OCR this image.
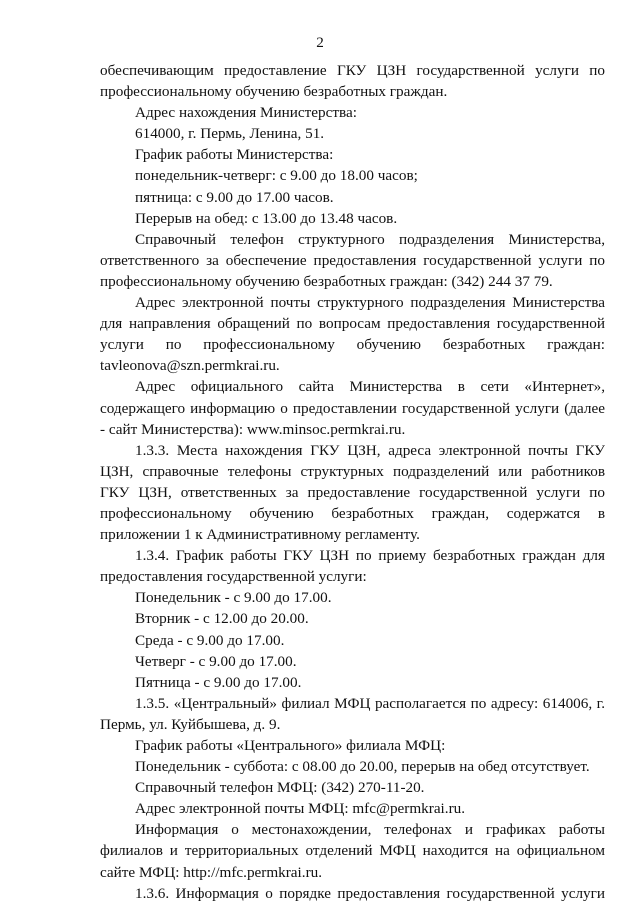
2

обеспечивающим предоставление ГКУ ЦЗН государственной услуги по профессиональному обучению безработных граждан.

Адрес нахождения Министерства:

614000, г. Пермь, Ленина, 51.

График работы Министерства:

понедельник-четверг: с 9.00 до 18.00 часов;

пятница: с 9.00 до 17.00 часов.

Перерыв на обед: с 13.00 до 13.48 часов.

Справочный телефон структурного подразделения Министерства, ответственного за обеспечение предоставления государственной услуги по профессиональному обучению безработных граждан: (342) 244 37 79.

Адрес электронной почты структурного подразделения Министерства для направления обращений по вопросам предоставления государственной услуги по профессиональному обучению безработных граждан:

tavleonova@szn.permkrai.ru.

Адрес официального сайта Министерства в сети «Интернет», содержащего информацию о предоставлении государственной услуги (далее - сайт Министерства): www.minsoc.permkrai.ru.

1.3.3. Места нахождения ГКУ ЦЗН, адреса электронной почты ГКУ ЦЗН, справочные телефоны структурных подразделений или работников ГКУ ЦЗН, ответственных за предоставление государственной услуги по профессиональному обучению безработных граждан, содержатся в приложении 1 к Административному регламенту.

1.3.4. График работы ГКУ ЦЗН по приему безработных граждан для предоставления государственной услуги:

Понедельник - с 9.00 до 17.00.

Вторник - с 12.00 до 20.00.

Среда - с 9.00 до 17.00.

Четверг - с 9.00 до 17.00.

Пятница - с 9.00 до 17.00.

1.3.5. «Центральный» филиал МФЦ располагается по адресу: 614006, г. Пермь, ул. Куйбышева, д. 9.

График работы «Центрального» филиала МФЦ:

Понедельник - суббота: с 08.00 до 20.00, перерыв на обед отсутствует.

Справочный телефон МФЦ: (342) 270-11-20.

Адрес электронной почты МФЦ: mfc@permkrai.ru.

Информация о местонахождении, телефонах и графиках работы филиалов и территориальных отделений МФЦ находится на официальном сайте МФЦ: http://mfc.permkrai.ru.

1.3.6. Информация о порядке предоставления государственной услуги
